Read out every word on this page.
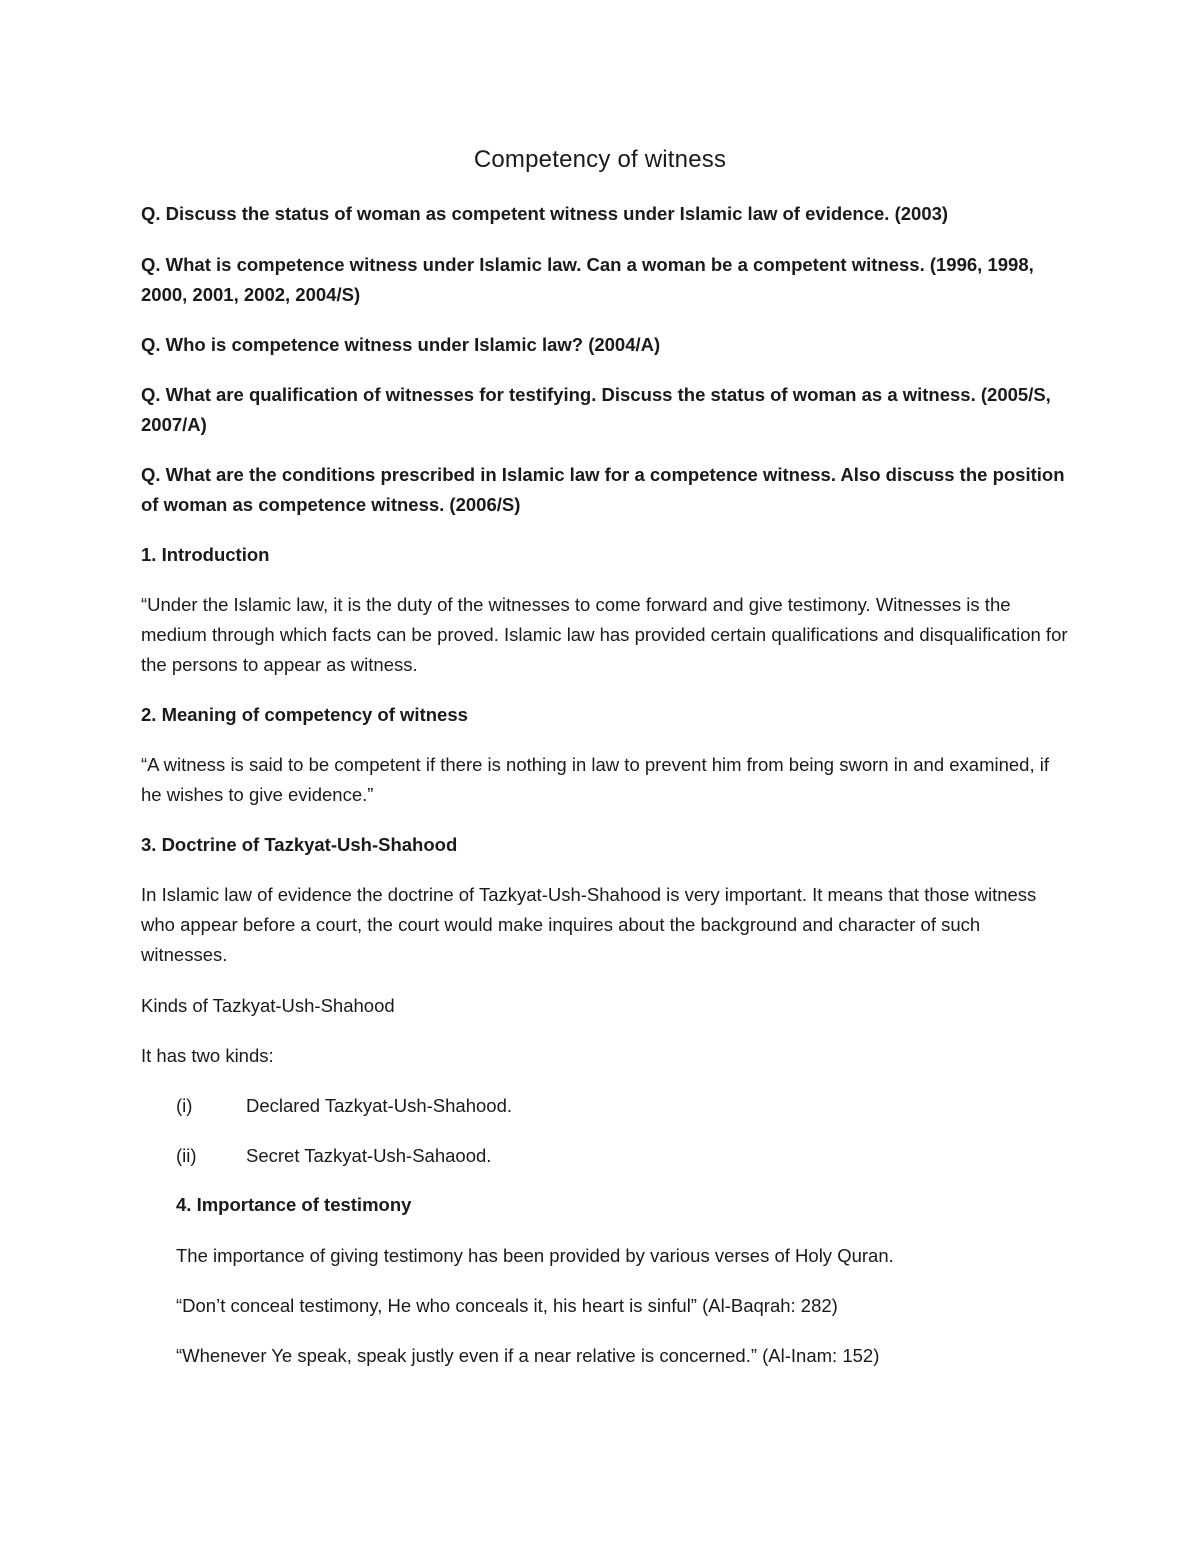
Competency of witness

Q. Discuss the status of woman as competent witness under Islamic law of evidence. (2003)

Q. What is competence witness under Islamic law. Can a woman be a competent witness. (1996, 1998, 2000, 2001, 2002, 2004/S)

Q. Who is competence witness under Islamic law? (2004/A)

Q. What are qualification of witnesses for testifying. Discuss the status of woman as a witness. (2005/S, 2007/A)

Q. What are the conditions prescribed in Islamic law for a competence witness. Also discuss the position of woman as competence witness. (2006/S)

1. Introduction

“Under the Islamic law, it is the duty of the witnesses to come forward and give testimony. Witnesses is the medium through which facts can be proved. Islamic law has provided certain qualifications and disqualification for the persons to appear as witness.

2. Meaning of competency of witness

“A witness is said to be competent if there is nothing in law to prevent him from being sworn in and examined, if he wishes to give evidence.”

3. Doctrine of Tazkyat-Ush-Shahood

In Islamic law of evidence the doctrine of Tazkyat-Ush-Shahood is very important. It means that those witness who appear before a court, the court would make inquires about the background and character of such witnesses.

Kinds of Tazkyat-Ush-Shahood

It has two kinds:

(i)	Declared Tazkyat-Ush-Shahood.
(ii)	Secret Tazkyat-Ush-Sahaood.

4. Importance of testimony

The importance of giving testimony has been provided by various verses of Holy Quran.

“Don’t conceal testimony, He who conceals it, his heart is sinful” (Al-Baqrah: 282)

“Whenever Ye speak, speak justly even if a near relative is concerned.” (Al-Inam: 152)
